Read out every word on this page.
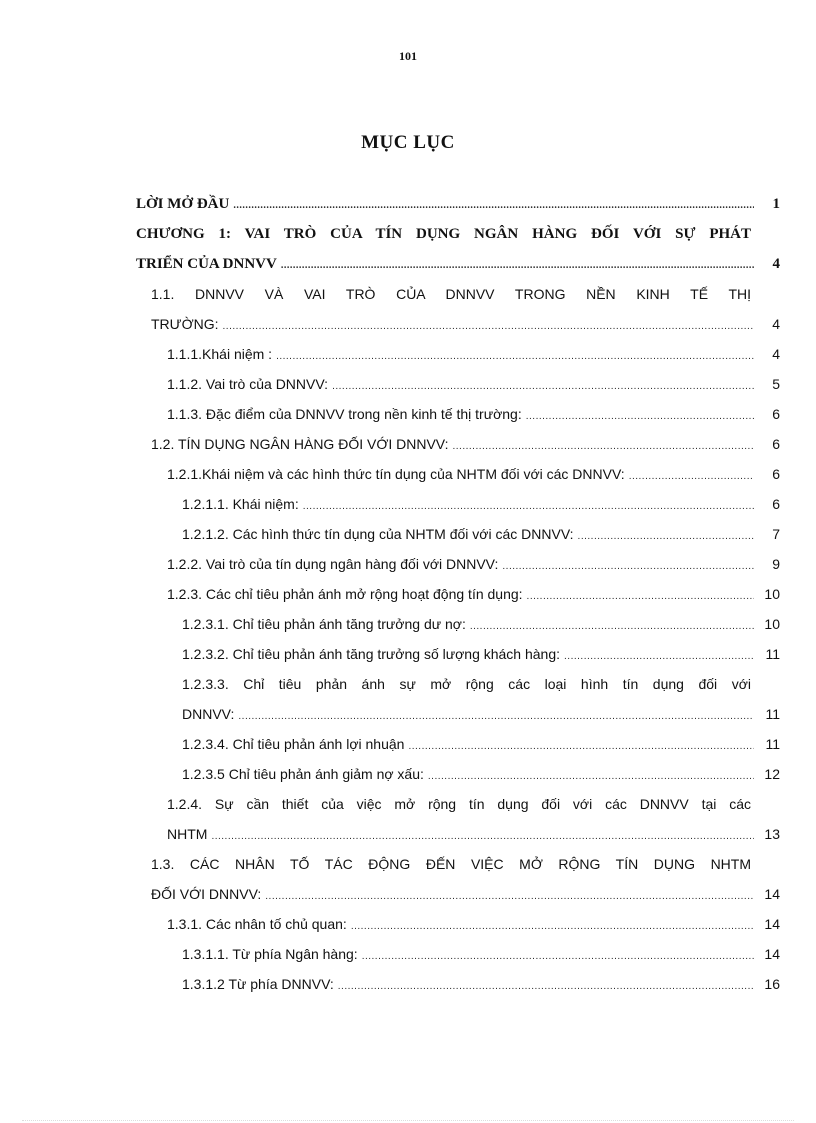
101
MỤC LỤC
LỜI MỞ ĐẦU .....	1
CHƯƠNG 1: VAI TRÒ CỦA TÍN DỤNG NGÂN HÀNG ĐỐI VỚI SỰ PHÁT
TRIỂN CỦA DNNVV .....	4
1.1. DNNVV VÀ VAI TRÒ CỦA DNNVV TRONG NỀN KINH TẾ THỊ
TRƯỜNG: .....	4
1.1.1.Khái niệm : .....	4
1.1.2. Vai trò của DNNVV: .....	5
1.1.3. Đặc điểm của DNNVV trong nền kinh tế thị trường: .....	6
1.2. TÍN DỤNG NGÂN HÀNG ĐỐI VỚI DNNVV: .....	6
1.2.1.Khái niệm và các hình thức tín dụng của NHTM đối với các DNNVV: .....	6
1.2.1.1. Khái niệm: .....	6
1.2.1.2. Các hình thức tín dụng của NHTM đối với các DNNVV: .....	7
1.2.2. Vai trò của tín dụng ngân hàng đối với DNNVV: .....	9
1.2.3. Các chỉ tiêu phản ánh mở rộng hoạt động tín dụng: .....	10
1.2.3.1. Chỉ tiêu phản ánh tăng trưởng dư nợ: .....	10
1.2.3.2. Chỉ tiêu phản ánh tăng trưởng số lượng khách hàng: .....	11
1.2.3.3. Chỉ tiêu phản ánh sự mở rộng các loại hình tín dụng đối với
DNNVV: .....	11
1.2.3.4. Chỉ tiêu phản ánh lợi nhuận .....	11
1.2.3.5 Chỉ tiêu phản ánh giảm nợ xấu: .....	12
1.2.4. Sự cần thiết của việc mở rộng tín dụng đối với các DNNVV tại các
NHTM .....	13
1.3. CÁC NHÂN TỐ TÁC ĐỘNG ĐẾN VIỆC MỞ RỘNG TÍN DỤNG NHTM
ĐỐI VỚI DNNVV: .....	14
1.3.1. Các nhân tố chủ quan: .....	14
1.3.1.1. Từ phía Ngân hàng: .....	14
1.3.1.2 Từ phía DNNVV: .....	16
